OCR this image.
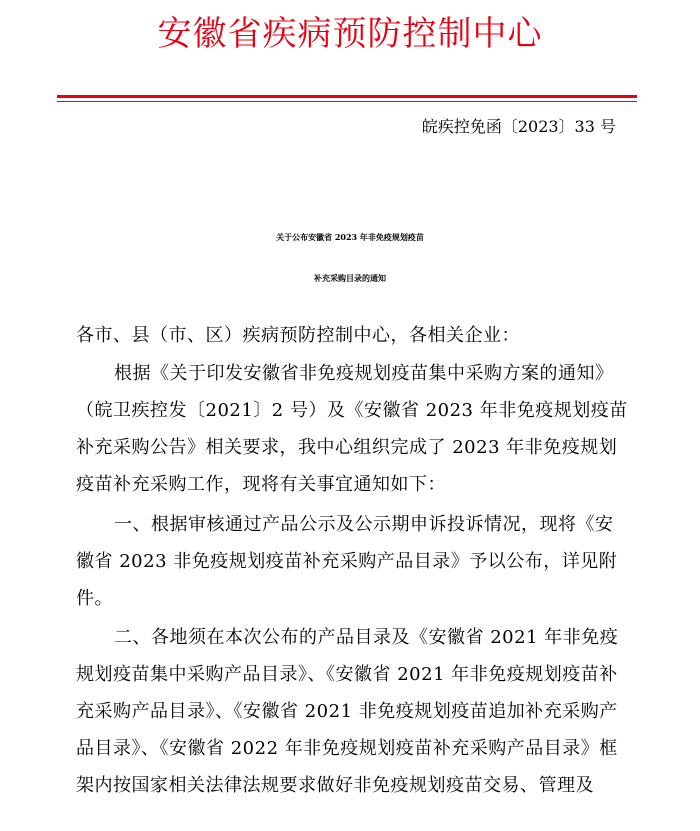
安徽省疾病预防控制中心
皖疾控免函〔2023〕33 号
关于公布安徽省 2023 年非免疫规划疫苗
补充采购目录的通知
各市、县（市、区）疾病预防控制中心，各相关企业：
根据《关于印发安徽省非免疫规划疫苗集中采购方案的通知》
（皖卫疾控发〔2021〕2 号）及《安徽省 2023 年非免疫规划疫苗
补充采购公告》相关要求，我中心组织完成了 2023 年非免疫规划
疫苗补充采购工作，现将有关事宜通知如下：
一、根据审核通过产品公示及公示期申诉投诉情况，现将《安
徽省 2023 非免疫规划疫苗补充采购产品目录》予以公布，详见附
件。
二、各地须在本次公布的产品目录及《安徽省 2021 年非免疫
规划疫苗集中采购产品目录》、《安徽省 2021 年非免疫规划疫苗补
充采购产品目录》、《安徽省 2021 非免疫规划疫苗追加补充采购产
品目录》、《安徽省 2022 年非免疫规划疫苗补充采购产品目录》框
架内按国家相关法律法规要求做好非免疫规划疫苗交易、管理及
